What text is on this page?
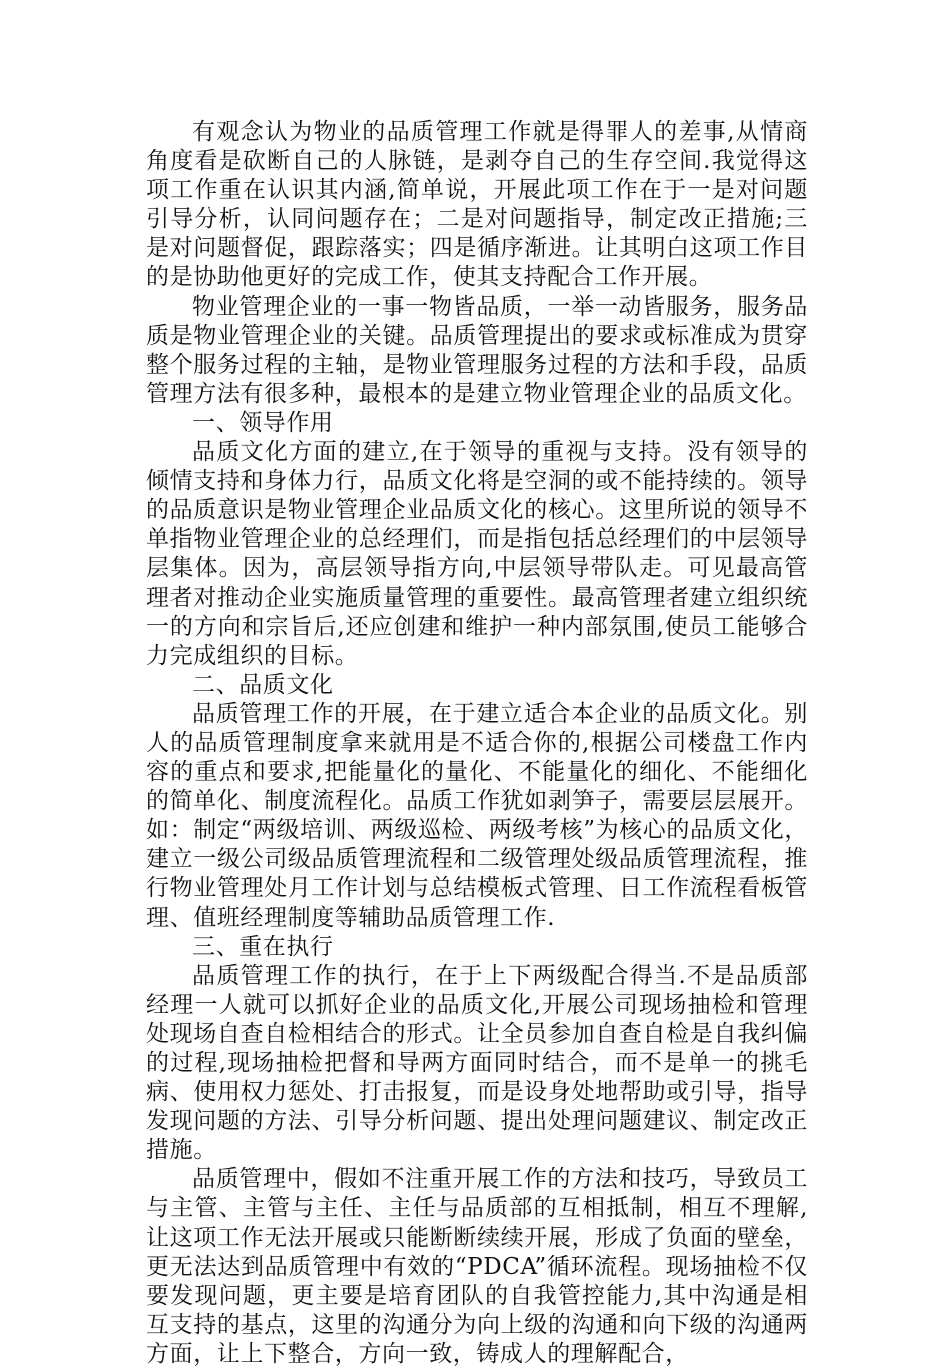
有观念认为物业的品质管理工作就是得罪人的差事,从情商角度看是砍断自己的人脉链，是剥夺自己的生存空间.我觉得这项工作重在认识其内涵,简单说，开展此项工作在于一是对问题引导分析，认同问题存在；二是对问题指导，制定改正措施;三是对问题督促，跟踪落实；四是循序渐进。让其明白这项工作目的是协助他更好的完成工作，使其支持配合工作开展。

物业管理企业的一事一物皆品质，一举一动皆服务，服务品质是物业管理企业的关键。品质管理提出的要求或标准成为贯穿整个服务过程的主轴，是物业管理服务过程的方法和手段，品质管理方法有很多种，最根本的是建立物业管理企业的品质文化。

一、领导作用

品质文化方面的建立,在于领导的重视与支持。没有领导的倾情支持和身体力行，品质文化将是空洞的或不能持续的。领导的品质意识是物业管理企业品质文化的核心。这里所说的领导不单指物业管理企业的总经理们，而是指包括总经理们的中层领导层集体。因为，高层领导指方向,中层领导带队走。可见最高管理者对推动企业实施质量管理的重要性。最高管理者建立组织统一的方向和宗旨后,还应创建和维护一种内部氛围,使员工能够合力完成组织的目标。

二、品质文化

品质管理工作的开展，在于建立适合本企业的品质文化。别人的品质管理制度拿来就用是不适合你的,根据公司楼盘工作内容的重点和要求,把能量化的量化、不能量化的细化、不能细化的简单化、制度流程化。品质工作犹如剥笋子，需要层层展开。如：制定“两级培训、两级巡检、两级考核”为核心的品质文化，建立一级公司级品质管理流程和二级管理处级品质管理流程，推行物业管理处月工作计划与总结模板式管理、日工作流程看板管理、值班经理制度等辅助品质管理工作.

三、重在执行

品质管理工作的执行，在于上下两级配合得当.不是品质部经理一人就可以抓好企业的品质文化,开展公司现场抽检和管理处现场自查自检相结合的形式。让全员参加自查自检是自我纠偏的过程,现场抽检把督和导两方面同时结合，而不是单一的挑毛病、使用权力惩处、打击报复，而是设身处地帮助或引导，指导发现问题的方法、引导分析问题、提出处理问题建议、制定改正措施。

品质管理中，假如不注重开展工作的方法和技巧，导致员工与主管、主管与主任、主任与品质部的互相抵制，相互不理解,让这项工作无法开展或只能断断续续开展，形成了负面的壁垒，更无法达到品质管理中有效的“PDCA”循环流程。现场抽检不仅要发现问题，更主要是培育团队的自我管控能力,其中沟通是相互支持的基点，这里的沟通分为向上级的沟通和向下级的沟通两方面，让上下整合，方向一致，铸成人的理解配合，
